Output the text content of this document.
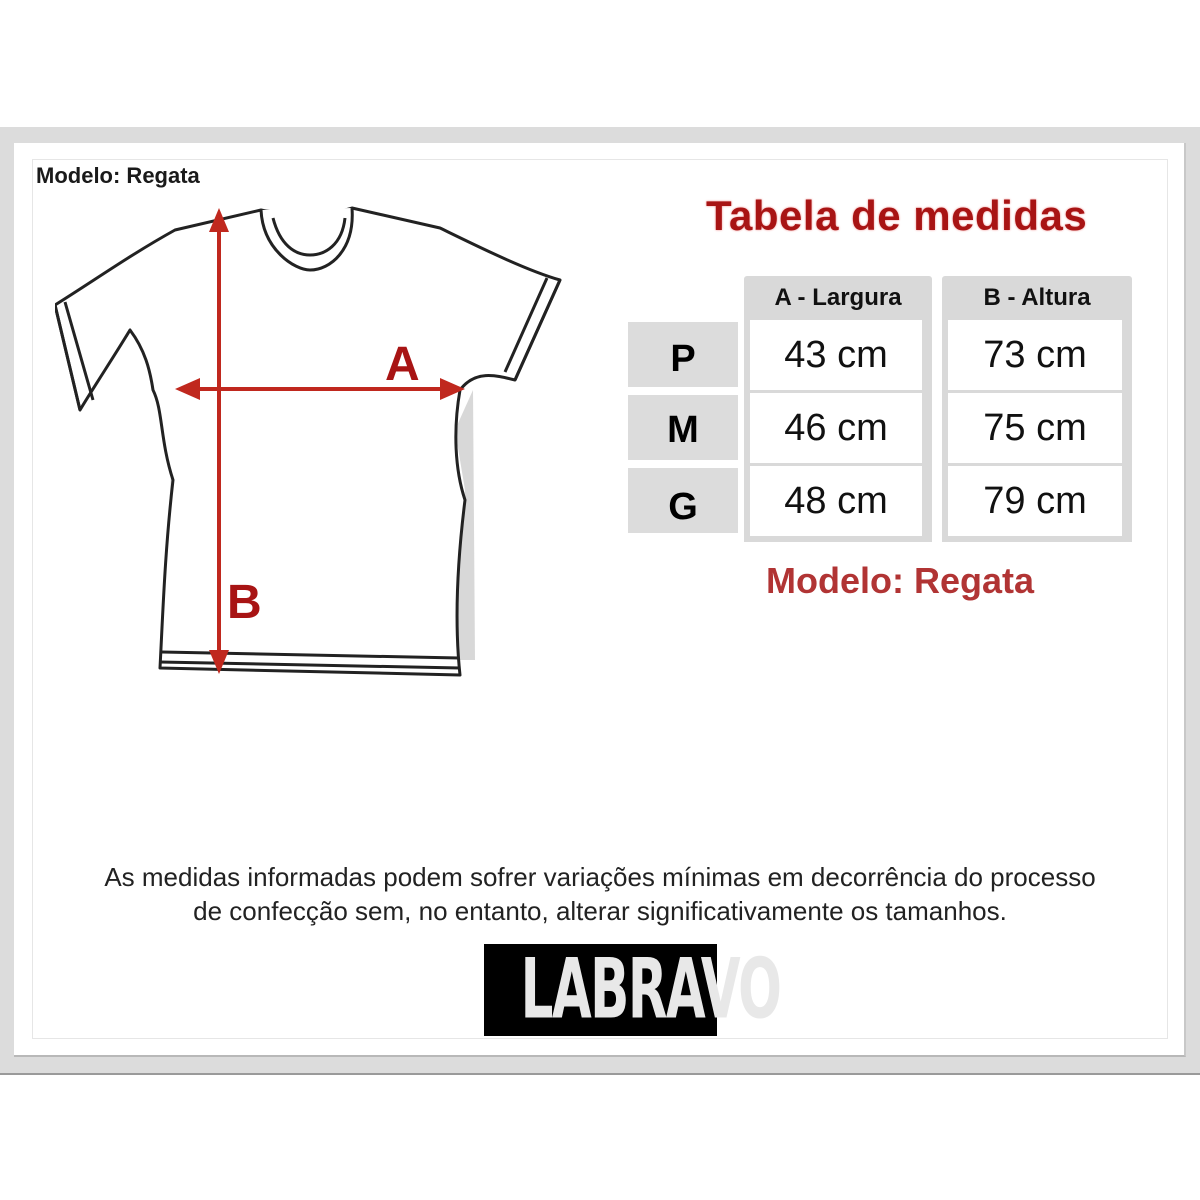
Modelo: Regata
A
B
Tabela de medidas
A - Largura	B - Altura
43 cm
46 cm
48 cm
73 cm
75 cm
79 cm
P
M
G
Modelo: Regata
As medidas informadas podem sofrer variações mínimas em decorrência do processo
de confecção sem, no entanto, alterar significativamente os tamanhos.
LABRAVO
